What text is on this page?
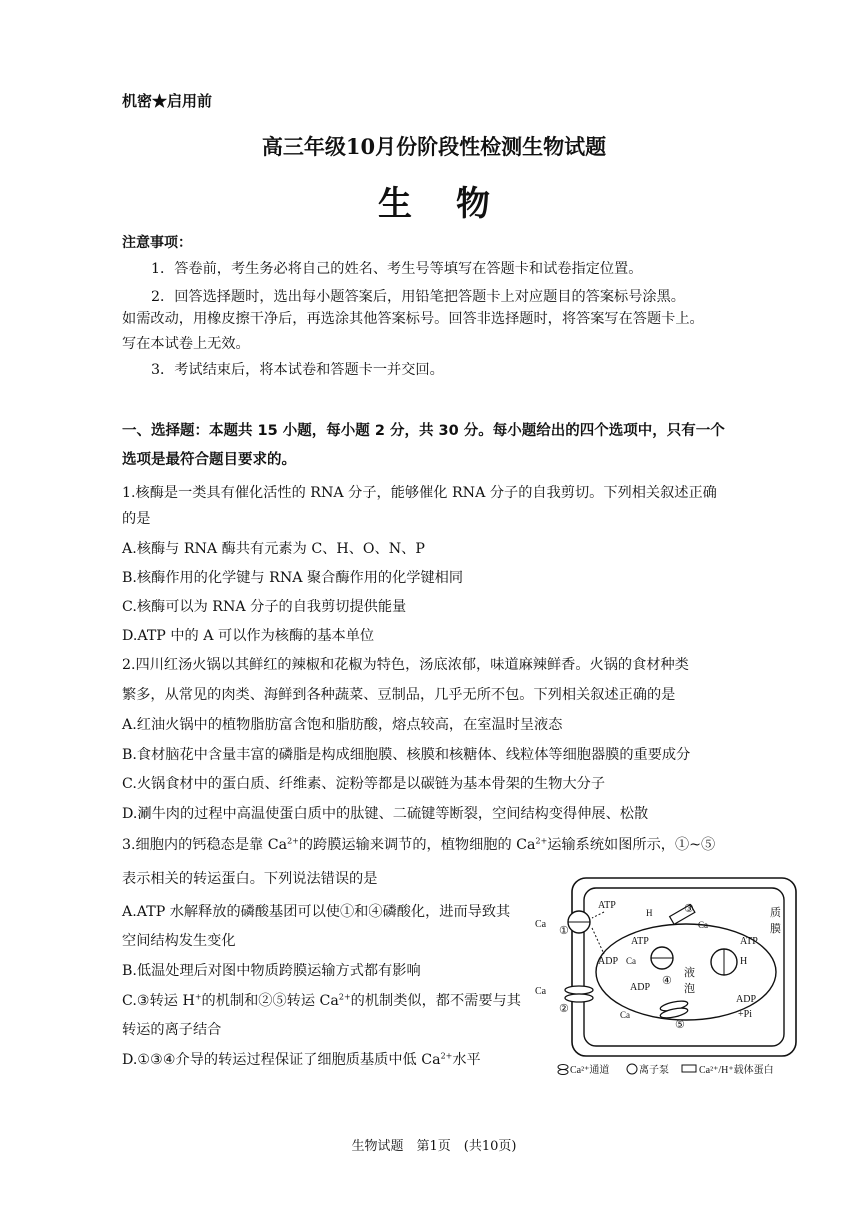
机密★启用前
高三年级10月份阶段性检测生物试题
生物
注意事项：
1．答卷前，考生务必将自己的姓名、考生号等填写在答题卡和试卷指定位置。
2．回答选择题时，选出每小题答案后，用铅笔把答题卡上对应题目的答案标号涂黑。
如需改动，用橡皮擦干净后，再选涂其他答案标号。回答非选择题时，将答案写在答题卡上。
写在本试卷上无效。
3．考试结束后，将本试卷和答题卡一并交回。
一、选择题：本题共 15 小题，每小题 2 分，共 30 分。每小题给出的四个选项中，只有一个
选项是最符合题目要求的。
1.核酶是一类具有催化活性的 RNA 分子，能够催化 RNA 分子的自我剪切。下列相关叙述正确
的是
A.核酶与 RNA 酶共有元素为 C、H、O、N、P
B.核酶作用的化学键与 RNA 聚合酶作用的化学键相同
C.核酶可以为 RNA 分子的自我剪切提供能量
D.ATP 中的 A 可以作为核酶的基本单位
2.四川红汤火锅以其鲜红的辣椒和花椒为特色，汤底浓郁，味道麻辣鲜香。火锅的食材种类
繁多，从常见的肉类、海鲜到各种蔬菜、豆制品，几乎无所不包。下列相关叙述正确的是
A.红油火锅中的植物脂肪富含饱和脂肪酸，熔点较高，在室温时呈液态
B.食材脑花中含量丰富的磷脂是构成细胞膜、核膜和核糖体、线粒体等细胞器膜的重要成分
C.火锅食材中的蛋白质、纤维素、淀粉等都是以碳链为基本骨架的生物大分子
D.涮牛肉的过程中高温使蛋白质中的肽键、二硫键等断裂，空间结构变得伸展、松散
3.细胞内的钙稳态是靠 $Ca^{2+}$的跨膜运输来调节的，植物细胞的 $Ca^{2+}$运输系统如图所示，①~⑤
表示相关的转运蛋白。下列说法错误的是
A.ATP 水解释放的磷酸基团可以使①和④磷酸化，进而导致其
空间结构发生变化
B.低温处理后对图中物质跨膜运输方式都有影响
C.③转运 H+的机制和②⑤转运 $Ca^{2+}$的机制类似，都不需要与其
转运的离子结合
D.①③④介导的转运过程保证了细胞质基质中低 $Ca^{2+}$水平
①
Ca
ATP
ADP
②
Ca
③
H
Ca
④
ATP
ADP
Ca
ATP
H
ADP
+Pi
⑤
Ca
液
泡
质
膜
Ca²⁺通道	离子泵	Ca²⁺/H⁺载体蛋白
生物试题　第1页　(共10页)
